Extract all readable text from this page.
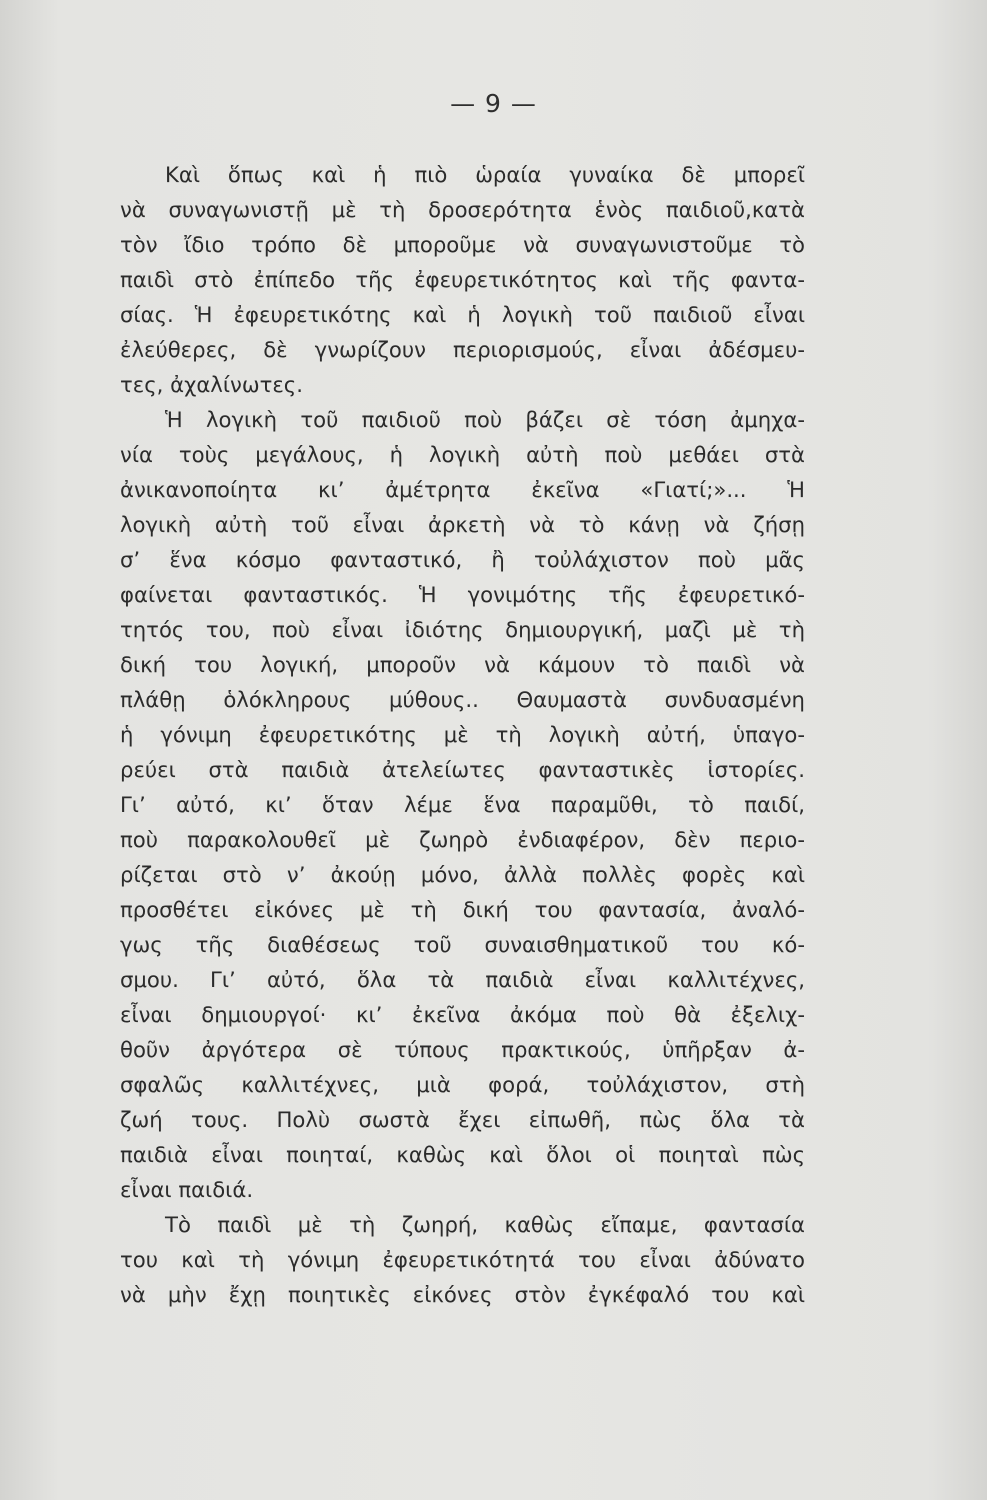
— 9 —
Καὶ ὅπως καὶ ἡ πιὸ ὡραία γυναίκα δὲ μπορεῖ
νὰ συναγωνιστῇ μὲ τὴ δροσερότητα ἑνὸς παιδιοῦ,κατὰ
τὸν ἴδιο τρόπο δὲ μποροῦμε νὰ συναγωνιστοῦμε τὸ
παιδὶ στὸ ἐπίπεδο τῆς ἐφευρετικότητος καὶ τῆς φαντα-
σίας. Ἡ ἐφευρετικότης καὶ ἡ λογικὴ τοῦ παιδιοῦ εἶναι
ἐλεύθερες, δὲ γνωρίζουν περιορισμούς, εἶναι ἀδέσμευ-
τες, ἀχαλίνωτες.
Ἡ λογικὴ τοῦ παιδιοῦ ποὺ βάζει σὲ τόση ἀμηχα-
νία τοὺς μεγάλους, ἡ λογικὴ αὐτὴ ποὺ μεθάει στὰ
ἀνικανοποίητα κι’ ἀμέτρητα ἐκεῖνα «Γιατί;»... Ἡ
λογικὴ αὐτὴ τοῦ εἶναι ἀρκετὴ νὰ τὸ κάνῃ νὰ ζήσῃ
σ’ ἕνα κόσμο φανταστικό, ἢ τοὐλάχιστον ποὺ μᾶς
φαίνεται φανταστικός. Ἡ γονιμότης τῆς ἐφευρετικό-
τητός του, ποὺ εἶναι ἰδιότης δημιουργική, μαζὶ μὲ τὴ
δική του λογική, μποροῦν νὰ κάμουν τὸ παιδὶ νὰ
πλάθῃ ὁλόκληρους μύθους.. Θαυμαστὰ συνδυασμένη
ἡ γόνιμη ἐφευρετικότης μὲ τὴ λογικὴ αὐτή, ὑπαγο-
ρεύει στὰ παιδιὰ ἀτελείωτες φανταστικὲς ἱστορίες.
Γι’ αὐτό, κι’ ὅταν λέμε ἕνα παραμῦθι, τὸ παιδί,
ποὺ παρακολουθεῖ μὲ ζωηρὸ ἐνδιαφέρον, δὲν περιο-
ρίζεται στὸ ν’ ἀκούῃ μόνο, ἀλλὰ πολλὲς φορὲς καὶ
προσθέτει εἰκόνες μὲ τὴ δική του φαντασία, ἀναλό-
γως τῆς διαθέσεως τοῦ συναισθηματικοῦ του κό-
σμου. Γι’ αὐτό, ὅλα τὰ παιδιὰ εἶναι καλλιτέχνες,
εἶναι δημιουργοί· κι’ ἐκεῖνα ἀκόμα ποὺ θὰ ἐξελιχ-
θοῦν ἀργότερα σὲ τύπους πρακτικούς, ὑπῆρξαν ἀ-
σφαλῶς καλλιτέχνες, μιὰ φορά, τοὐλάχιστον, στὴ
ζωή τους. Πολὺ σωστὰ ἔχει εἰπωθῆ, πὼς ὅλα τὰ
παιδιὰ εἶναι ποιηταί, καθὼς καὶ ὅλοι οἱ ποιηταὶ πὼς
εἶναι παιδιά.
Τὸ παιδὶ μὲ τὴ ζωηρή, καθὼς εἴπαμε, φαντασία
του καὶ τὴ γόνιμη ἐφευρετικότητά του εἶναι ἀδύνατο
νὰ μὴν ἔχῃ ποιητικὲς εἰκόνες στὸν ἐγκέφαλό του καὶ
